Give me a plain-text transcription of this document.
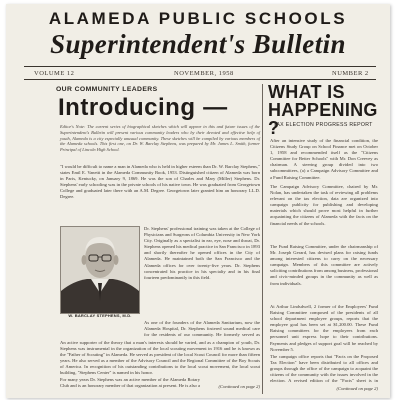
ALAMEDA PUBLIC SCHOOLS
Superintendent's Bulletin
VOLUME 12	NOVEMBER, 1958	NUMBER 2
OUR COMMUNITY LEADERS
Introducing —
Editor's Note: The current series of biographical sketches which will appear in this and future issues of the Superintendent's Bulletin will present various community leaders who by their devoted and effective help of youth, Alameda is a city especially unusual community. These sketches will be compiled by various members of the Alameda schools. This first one, on Dr. W. Barclay Stephens, was prepared by Mr. James L. Smith, former Principal of Lincoln High School.
"I would be difficult to name a man in Alameda who is held in higher esteem than Dr. W. Barclay Stephens," states Emil E. Vanetti in the Alameda Community Book, 1953. Distinguished citizen of Alameda was born in Paris, Kentucky, on January 9, 1869. He was the son of Charles and Mary (Miller) Stephens. Dr. Stephens' early schooling was in the private schools of his native town. He was graduated from Georgetown College and graduated later there with an A.M. Degree. Georgetown later granted him an honorary LL.D. Degree.
W. BARCLAY STEPHENS, M.D.
Dr. Stephens' professional training was taken at the College of Physicians and Surgeons of Columbia University in New York City. Originally as a specialist in ear, eye, nose and throat, Dr. Stephens opened his medical practice in San Francisco in 1893 and shortly thereafter he opened offices in the City of Alameda. He maintained both the San Francisco and the Alameda offices for over twenty-five years. Dr. Stephens concentrated his practice in his specialty and in his final fourteen predominantly in this field.
As one of the founders of the Alameda Sanitarium, now the Alameda Hospital, Dr. Stephens fostered sound medical care for the residents of our community. He formerly served as
An active supporter of the theory that a man's interests should be varied, and as a champion of youth, Dr. Stephens was instrumental in the organization of the local scouting movement in 1916 and he is known as the "Father of Scouting" in Alameda. He served as president of the local Scout Council for more than fifteen years. He also served as a member of the Advisory Council and the Regional Committee of the Boy Scouts of America. In recognition of his outstanding contributions to the local scout movement, the local scout building, "Stephens Center" is named in his honor.
For many years Dr. Stephens was an active member of the Alameda Rotary Club and is an honorary member of that organization at present. He is also a	(Continued on page 2)
WHAT IS
HAPPENING ?
TAX ELECTION PROGRESS REPORT
After an intensive study of the financial condition, the Citizens Study Group on School Finance met on October 1, 1958 and recommended itself as the "Citizens Committee for Better Schools" with Mr. Don Creevey as chairman. A steering group divided into two subcommittees, (a) a Campaign Advisory Committee and a Fund Raising Committee.
The Campaign Advisory Committee, chaired by Mr. Nolan, has undertaken the task of reviewing all problems relevant on the tax election, data are organized into campaign publicity for publishing and developing materials which should prove most helpful in further acquainting the citizens of Alameda with the facts on the financial needs of the schools.
The Fund Raising Committee, under the chairmanship of Mr. Joseph Gerard, has devised plans for raising funds among interested citizens to carry on the necessary campaign. Members of this committee are actively soliciting contributions from among business, professional and civic-minded groups in the community as well as from individuals.
At Arthur Lindsdwell, 2 former of the Employees' Fund Raising Committee composed of the presidents of all school department employee groups, reports that the employee goal has been set at $1,200.00. These Fund Raising committees for the employees from each personnel unit express hope to their contributions. Payments and pledges of support goal will be reached by November 5.
The campaign office reports that "Facts on the Proposed Tax Election" have been distributed to all offices and groups through the office of the campaign to acquaint the citizens of the community with the issues involved in the election. A revised edition of the "Facts" sheet is in
(Continued on page 2)
